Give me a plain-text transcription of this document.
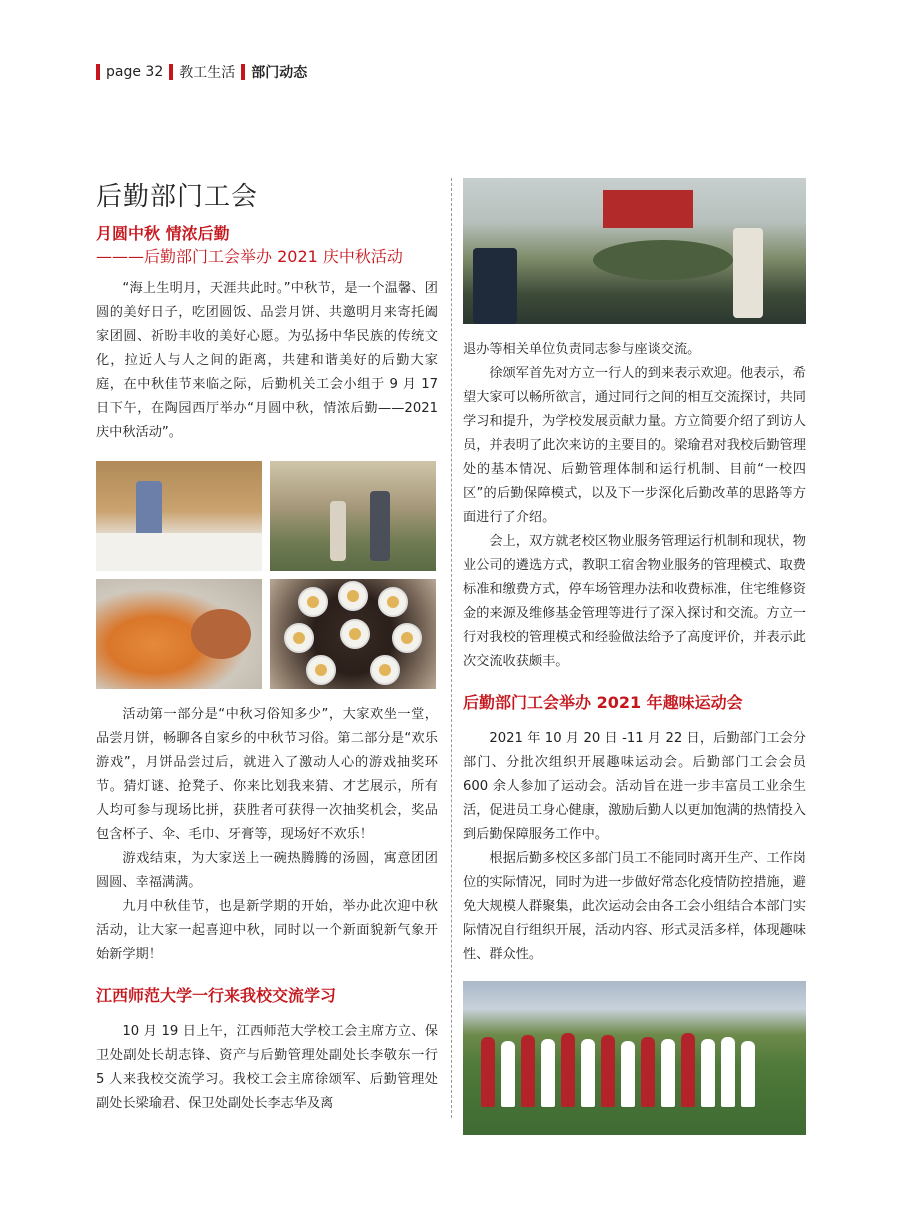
page 32 教工生活 部门动态
后勤部门工会
月圆中秋 情浓后勤
———后勤部门工会举办 2021 庆中秋活动

“海上生明月，天涯共此时。”中秋节，是一个温馨、团圆的美好日子，吃团圆饭、品尝月饼、共邀明月来寄托阖家团圆、祈盼丰收的美好心愿。为弘扬中华民族的传统文化，拉近人与人之间的距离，共建和谐美好的后勤大家庭，在中秋佳节来临之际，后勤机关工会小组于 9 月 17 日下午，在陶园西厅举办“月圆中秋，情浓后勤——2021 庆中秋活动”。

活动第一部分是“中秋习俗知多少”，大家欢坐一堂，品尝月饼，畅聊各自家乡的中秋节习俗。第二部分是“欢乐游戏”，月饼品尝过后，就进入了激动人心的游戏抽奖环节。猜灯谜、抢凳子、你来比划我来猜、才艺展示，所有人均可参与现场比拼，获胜者可获得一次抽奖机会，奖品包含杯子、伞、毛巾、牙膏等，现场好不欢乐！

游戏结束，为大家送上一碗热腾腾的汤圆，寓意团团圆圆、幸福满满。

九月中秋佳节，也是新学期的开始，举办此次迎中秋活动，让大家一起喜迎中秋，同时以一个新面貌新气象开始新学期！

江西师范大学一行来我校交流学习

10 月 19 日上午，江西师范大学校工会主席方立、保卫处副处长胡志锋、资产与后勤管理处副处长李敬东一行 5 人来我校交流学习。我校工会主席徐颂军、后勤管理处副处长梁瑜君、保卫处副处长李志华及离

退办等相关单位负责同志参与座谈交流。

徐颂军首先对方立一行人的到来表示欢迎。他表示，希望大家可以畅所欲言，通过同行之间的相互交流探讨，共同学习和提升，为学校发展贡献力量。方立简要介绍了到访人员，并表明了此次来访的主要目的。梁瑜君对我校后勤管理处的基本情况、后勤管理体制和运行机制、目前“一校四区”的后勤保障模式，以及下一步深化后勤改革的思路等方面进行了介绍。

会上，双方就老校区物业服务管理运行机制和现状，物业公司的遴选方式，教职工宿舍物业服务的管理模式、取费标准和缴费方式，停车场管理办法和收费标准，住宅维修资金的来源及维修基金管理等进行了深入探讨和交流。方立一行对我校的管理模式和经验做法给予了高度评价，并表示此次交流收获颇丰。

后勤部门工会举办 2021 年趣味运动会

2021 年 10 月 20 日 -11 月 22 日，后勤部门工会分部门、分批次组织开展趣味运动会。后勤部门工会会员 600 余人参加了运动会。活动旨在进一步丰富员工业余生活，促进员工身心健康，激励后勤人以更加饱满的热情投入到后勤保障服务工作中。

根据后勤多校区多部门员工不能同时离开生产、工作岗位的实际情况，同时为进一步做好常态化疫情防控措施，避免大规模人群聚集，此次运动会由各工会小组结合本部门实际情况自行组织开展，活动内容、形式灵活多样，体现趣味性、群众性。
